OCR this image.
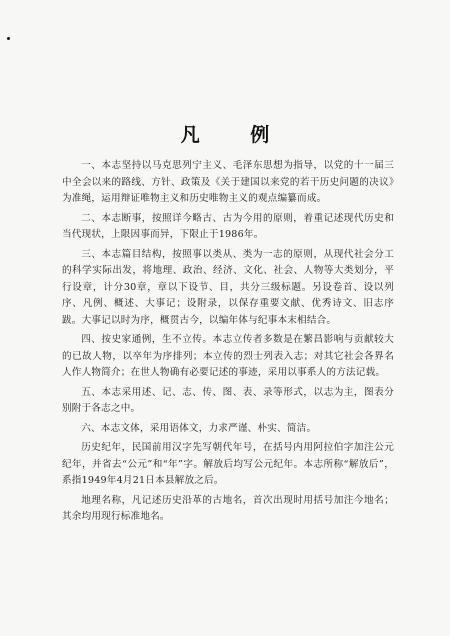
凡 例

一、本志坚持以马克思列宁主义、毛泽东思想为指导，以党的十一届三中全会以来的路线、方针、政策及《关于建国以来党的若干历史问题的决议》为准绳，运用辩证唯物主义和历史唯物主义的观点编纂而成。

二、本志断事，按照详今略古、古为今用的原则，着重记述现代历史和当代现状，上限因事而异，下限止于1986年。

三、本志篇目结构，按照事以类从、类为一志的原则，从现代社会分工的科学实际出发，将地理、政治、经济、文化、社会、人物等大类划分，平行设章，计分30章，章以下设节、目，共分三级标题。另设卷首、设以列序、凡例、概述、大事记；设附录，以保存重要文献、优秀诗文、旧志序跋。大事记以时为序，概贯古今，以编年体与纪事本末相结合。

四、按史家通例，生不立传。本志立传者多数是在繁昌影响与贡献较大的已故人物，以卒年为序排列；本立传的烈士列表入志；对其它社会各界名人作人物简介；在世人物确有必要记述的事迹，采用以事系人的方法记载。

五、本志采用述、记、志、传、图、表、录等形式，以志为主，图表分别附于各志之中。

六、本志文体，采用语体文，力求严谨、朴实、简洁。

历史纪年，民国前用汉字先写朝代年号，在括号内用阿拉伯字加注公元纪年，并省去“公元”和“年”字。解放后均写公元纪年。本志所称“解放后”，系指1949年4月21日本县解放之后。

地理名称，凡记述历史沿革的古地名，首次出现时用括号加注今地名；其余均用现行标准地名。
